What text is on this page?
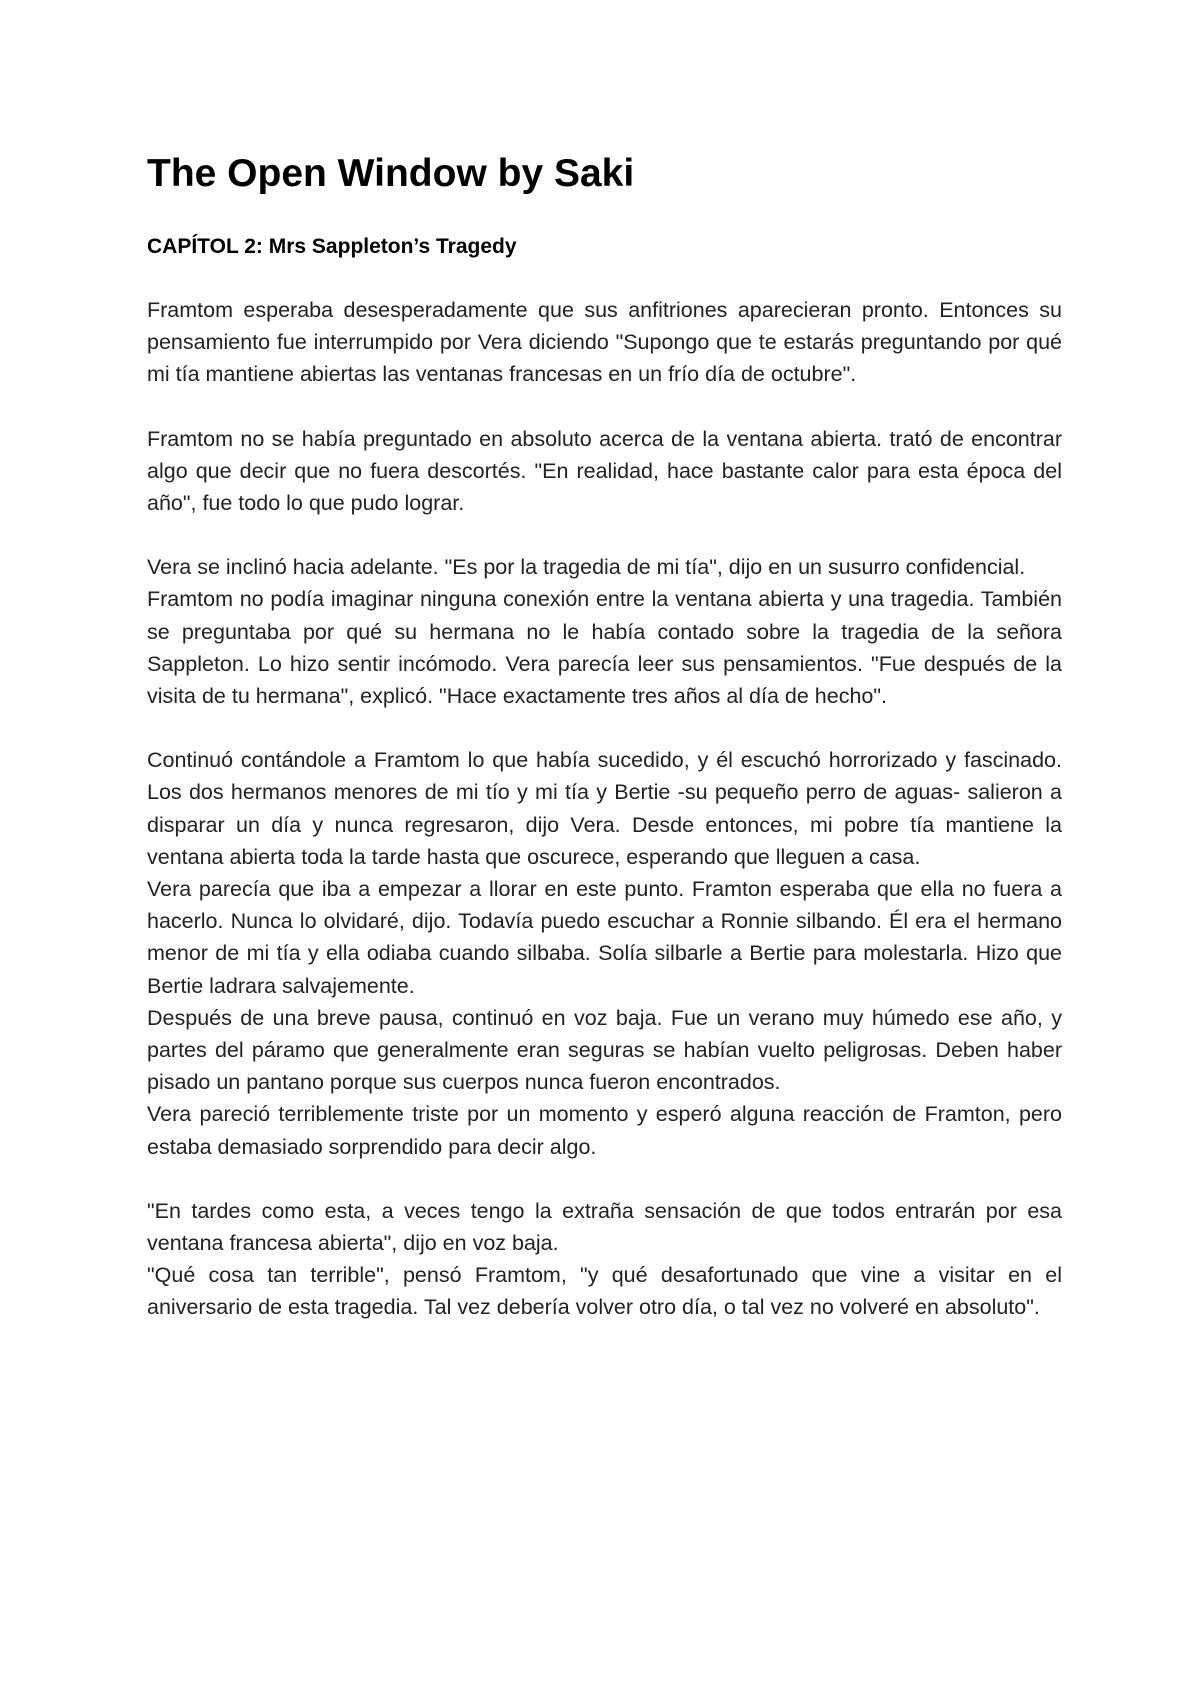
The Open Window by Saki
CAPÍTOL 2: Mrs Sappleton’s Tragedy

Framtom esperaba desesperadamente que sus anfitriones aparecieran pronto. Entonces su pensamiento fue interrumpido por Vera diciendo "Supongo que te estarás preguntando por qué mi tía mantiene abiertas las ventanas francesas en un frío día de octubre".

Framtom no se había preguntado en absoluto acerca de la ventana abierta. trató de encontrar algo que decir que no fuera descortés. "En realidad, hace bastante calor para esta época del año", fue todo lo que pudo lograr.

Vera se inclinó hacia adelante. "Es por la tragedia de mi tía", dijo en un susurro confidencial.

Framtom no podía imaginar ninguna conexión entre la ventana abierta y una tragedia. También se preguntaba por qué su hermana no le había contado sobre la tragedia de la señora Sappleton. Lo hizo sentir incómodo. Vera parecía leer sus pensamientos. "Fue después de la visita de tu hermana", explicó. "Hace exactamente tres años al día de hecho".

Continuó contándole a Framtom lo que había sucedido, y él escuchó horrorizado y fascinado. Los dos hermanos menores de mi tío y mi tía y Bertie -su pequeño perro de aguas- salieron a disparar un día y nunca regresaron, dijo Vera. Desde entonces, mi pobre tía mantiene la ventana abierta toda la tarde hasta que oscurece, esperando que lleguen a casa.

Vera parecía que iba a empezar a llorar en este punto. Framton esperaba que ella no fuera a hacerlo. Nunca lo olvidaré, dijo. Todavía puedo escuchar a Ronnie silbando. Él era el hermano menor de mi tía y ella odiaba cuando silbaba. Solía silbarle a Bertie para molestarla. Hizo que Bertie ladrara salvajemente.

Después de una breve pausa, continuó en voz baja. Fue un verano muy húmedo ese año, y partes del páramo que generalmente eran seguras se habían vuelto peligrosas. Deben haber pisado un pantano porque sus cuerpos nunca fueron encontrados.

Vera pareció terriblemente triste por un momento y esperó alguna reacción de Framton, pero estaba demasiado sorprendido para decir algo.

"En tardes como esta, a veces tengo la extraña sensación de que todos entrarán por esa ventana francesa abierta", dijo en voz baja.

"Qué cosa tan terrible", pensó Framtom, "y qué desafortunado que vine a visitar en el aniversario de esta tragedia. Tal vez debería volver otro día, o tal vez no volveré en absoluto".
